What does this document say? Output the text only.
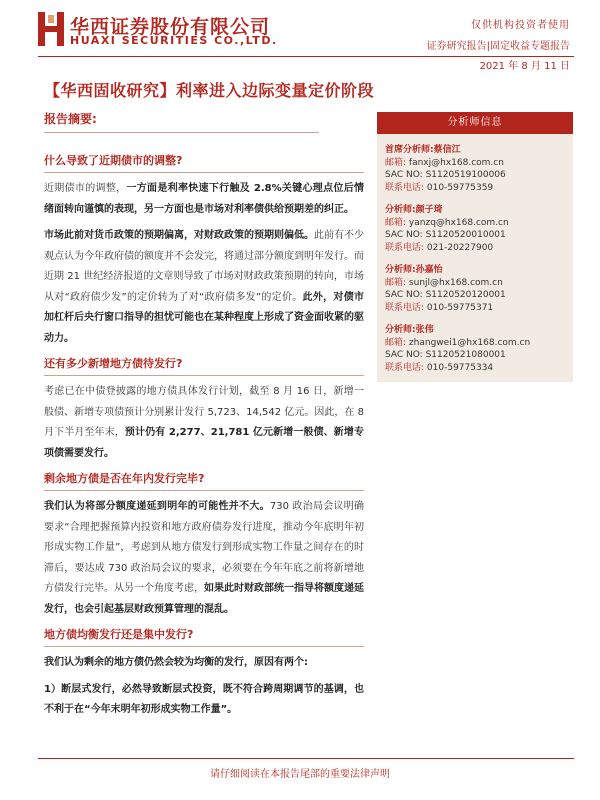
华西证券股份有限公司
HUAXI SECURITIES CO.,LTD.
仅供机构投资者使用
证券研究报告|固定收益专题报告
2021 年 8 月 11 日
【华西固收研究】利率进入边际变量定价阶段
报告摘要:
什么导致了近期债市的调整?

近期债市的调整，一方面是利率快速下行触及 2.8%关键心理点位后情绪面转向谨慎的表现，另一方面也是市场对利率债供给预期差的纠正。

市场此前对货币政策的预期偏离，对财政政策的预期则偏低。此前有不少观点认为今年政府债的额度并不会发完，将通过部分额度到明年发行。而近期 21 世纪经济报道的文章则导致了市场对财政政策预期的转向，市场从对“政府债少发”的定价转为了对“政府债多发”的定价。此外，对债市加杠杆后央行窗口指导的担忧可能也在某种程度上形成了资金面收紧的驱动力。

还有多少新增地方债待发行?

考虑已在中债登披露的地方债具体发行计划，截至 8 月 16 日，新增一般债、新增专项债预计分别累计发行 5,723、14,542 亿元。因此，在 8 月下半月至年末，预计仍有 2,277、21,781 亿元新增一般债、新增专项债需要发行。

剩余地方债是否在年内发行完毕?

我们认为将部分额度递延到明年的可能性并不大。730 政治局会议明确要求“合理把握预算内投资和地方政府债券发行进度，推动今年底明年初形成实物工作量”，考虑到从地方债发行到形成实物工作量之间存在的时滞后，要达成 730 政治局会议的要求，必须要在今年年底之前将新增地方债发行完毕。从另一个角度考虑，如果此时财政部统一指导将额度递延发行，也会引起基层财政预算管理的混乱。

地方债均衡发行还是集中发行?

我们认为剩余的地方债仍然会较为均衡的发行，原因有两个:

1）断层式发行，必然导致断层式投资，既不符合跨周期调节的基调，也不利于在“今年末明年初形成实物工作量”。

分析师信息
首席分析师:蔡信江
邮箱: fanxj@hx168.com.cn
SAC NO: S1120519100006
联系电话: 010-59775359
分析师:颜子琦
邮箱: yanzq@hx168.com.cn
SAC NO: S1120520010001
联系电话: 021-20227900
分析师:孙嘉怡
邮箱: sunjl@hx168.com.cn
SAC NO: S1120520120001
联系电话: 010-59775371
分析师:张伟
邮箱: zhangwei1@hx168.com.cn
SAC NO: S1120521080001
联系电话: 010-59775334
请仔细阅读在本报告尾部的重要法律声明
